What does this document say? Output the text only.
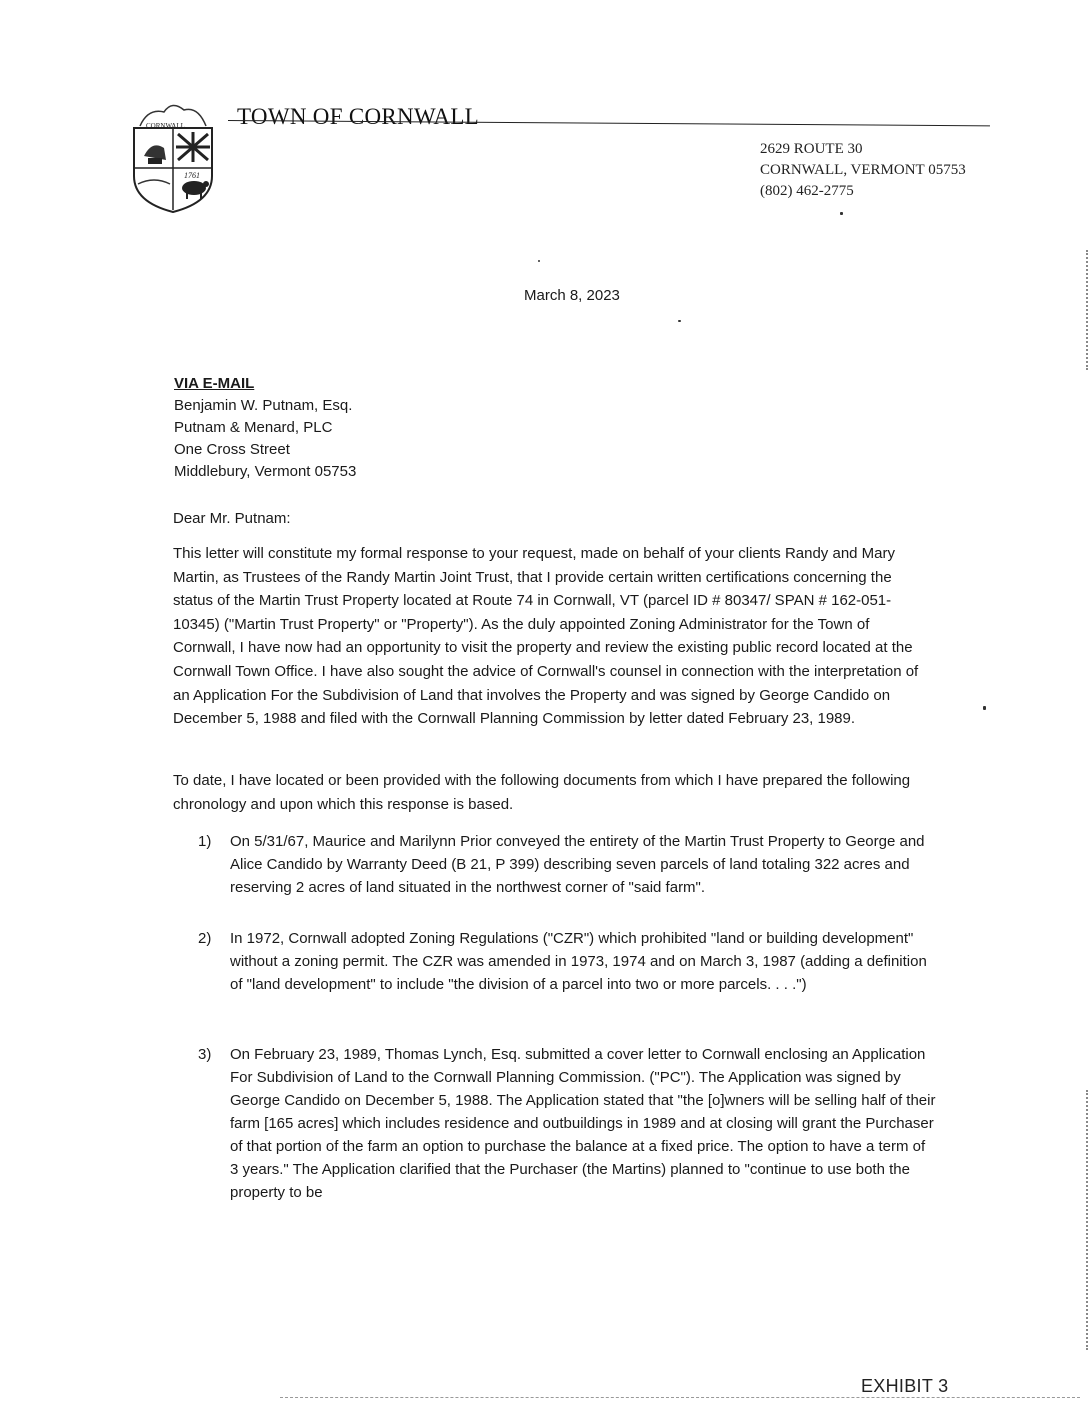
CORNWALL
1761
TOWN OF CORNWALL
2629 ROUTE 30
CORNWALL, VERMONT 05753
(802) 462-2775
March 8, 2023
VIA E-MAIL
Benjamin W. Putnam, Esq.
Putnam & Menard, PLC
One Cross Street
Middlebury, Vermont 05753
Dear Mr. Putnam:
This letter will constitute my formal response to your request, made on behalf of your clients Randy and Mary Martin, as Trustees of the Randy Martin Joint Trust, that I provide certain written certifications concerning the status of the Martin Trust Property located at Route 74 in Cornwall, VT (parcel ID # 80347/ SPAN # 162-051-10345) ("Martin Trust Property" or "Property"). As the duly appointed Zoning Administrator for the Town of Cornwall, I have now had an opportunity to visit the property and review the existing public record located at the Cornwall Town Office. I have also sought the advice of Cornwall's counsel in connection with the interpretation of an Application For the Subdivision of Land that involves the Property and was signed by George Candido on December 5, 1988 and filed with the Cornwall Planning Commission by letter dated February 23, 1989.
To date, I have located or been provided with the following documents from which I have prepared the following chronology and upon which this response is based.
1) On 5/31/67, Maurice and Marilynn Prior conveyed the entirety of the Martin Trust Property to George and Alice Candido by Warranty Deed (B 21, P 399) describing seven parcels of land totaling 322 acres and reserving 2 acres of land situated in the northwest corner of "said farm".
2) In 1972, Cornwall adopted Zoning Regulations ("CZR") which prohibited "land or building development" without a zoning permit. The CZR was amended in 1973, 1974 and on March 3, 1987 (adding a definition of "land development" to include "the division of a parcel into two or more parcels. . . .")
3) On February 23, 1989, Thomas Lynch, Esq. submitted a cover letter to Cornwall enclosing an Application For Subdivision of Land to the Cornwall Planning Commission. ("PC"). The Application was signed by George Candido on December 5, 1988. The Application stated that "the [o]wners will be selling half of their farm [165 acres] which includes residence and outbuildings in 1989 and at closing will grant the Purchaser of that portion of the farm an option to purchase the balance at a fixed price. The option to have a term of 3 years." The Application clarified that the Purchaser (the Martins) planned to "continue to use both the property to be
EXHIBIT 3
